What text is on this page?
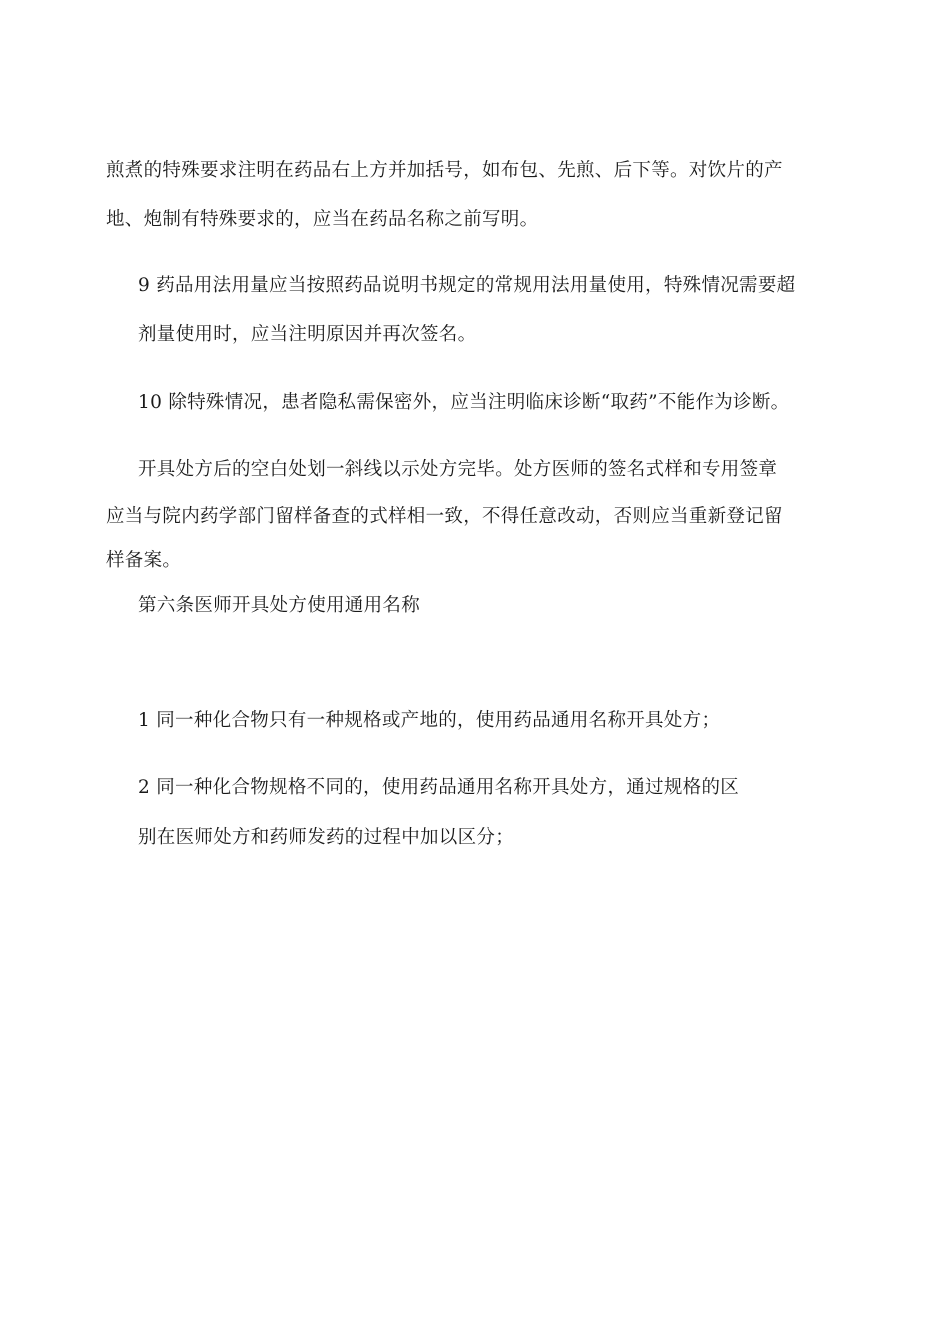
煎煮的特殊要求注明在药品右上方并加括号，如布包、先煎、后下等。对饮片的产
地、炮制有特殊要求的，应当在药品名称之前写明。
9 药品用法用量应当按照药品说明书规定的常规用法用量使用，特殊情况需要超
剂量使用时，应当注明原因并再次签名。
10 除特殊情况，患者隐私需保密外，应当注明临床诊断“取药”不能作为诊断。
开具处方后的空白处划一斜线以示处方完毕。处方医师的签名式样和专用签章
应当与院内药学部门留样备查的式样相一致，不得任意改动，否则应当重新登记留
样备案。
第六条医师开具处方使用通用名称
1 同一种化合物只有一种规格或产地的，使用药品通用名称开具处方；
2 同一种化合物规格不同的，使用药品通用名称开具处方，通过规格的区
别在医师处方和药师发药的过程中加以区分；
